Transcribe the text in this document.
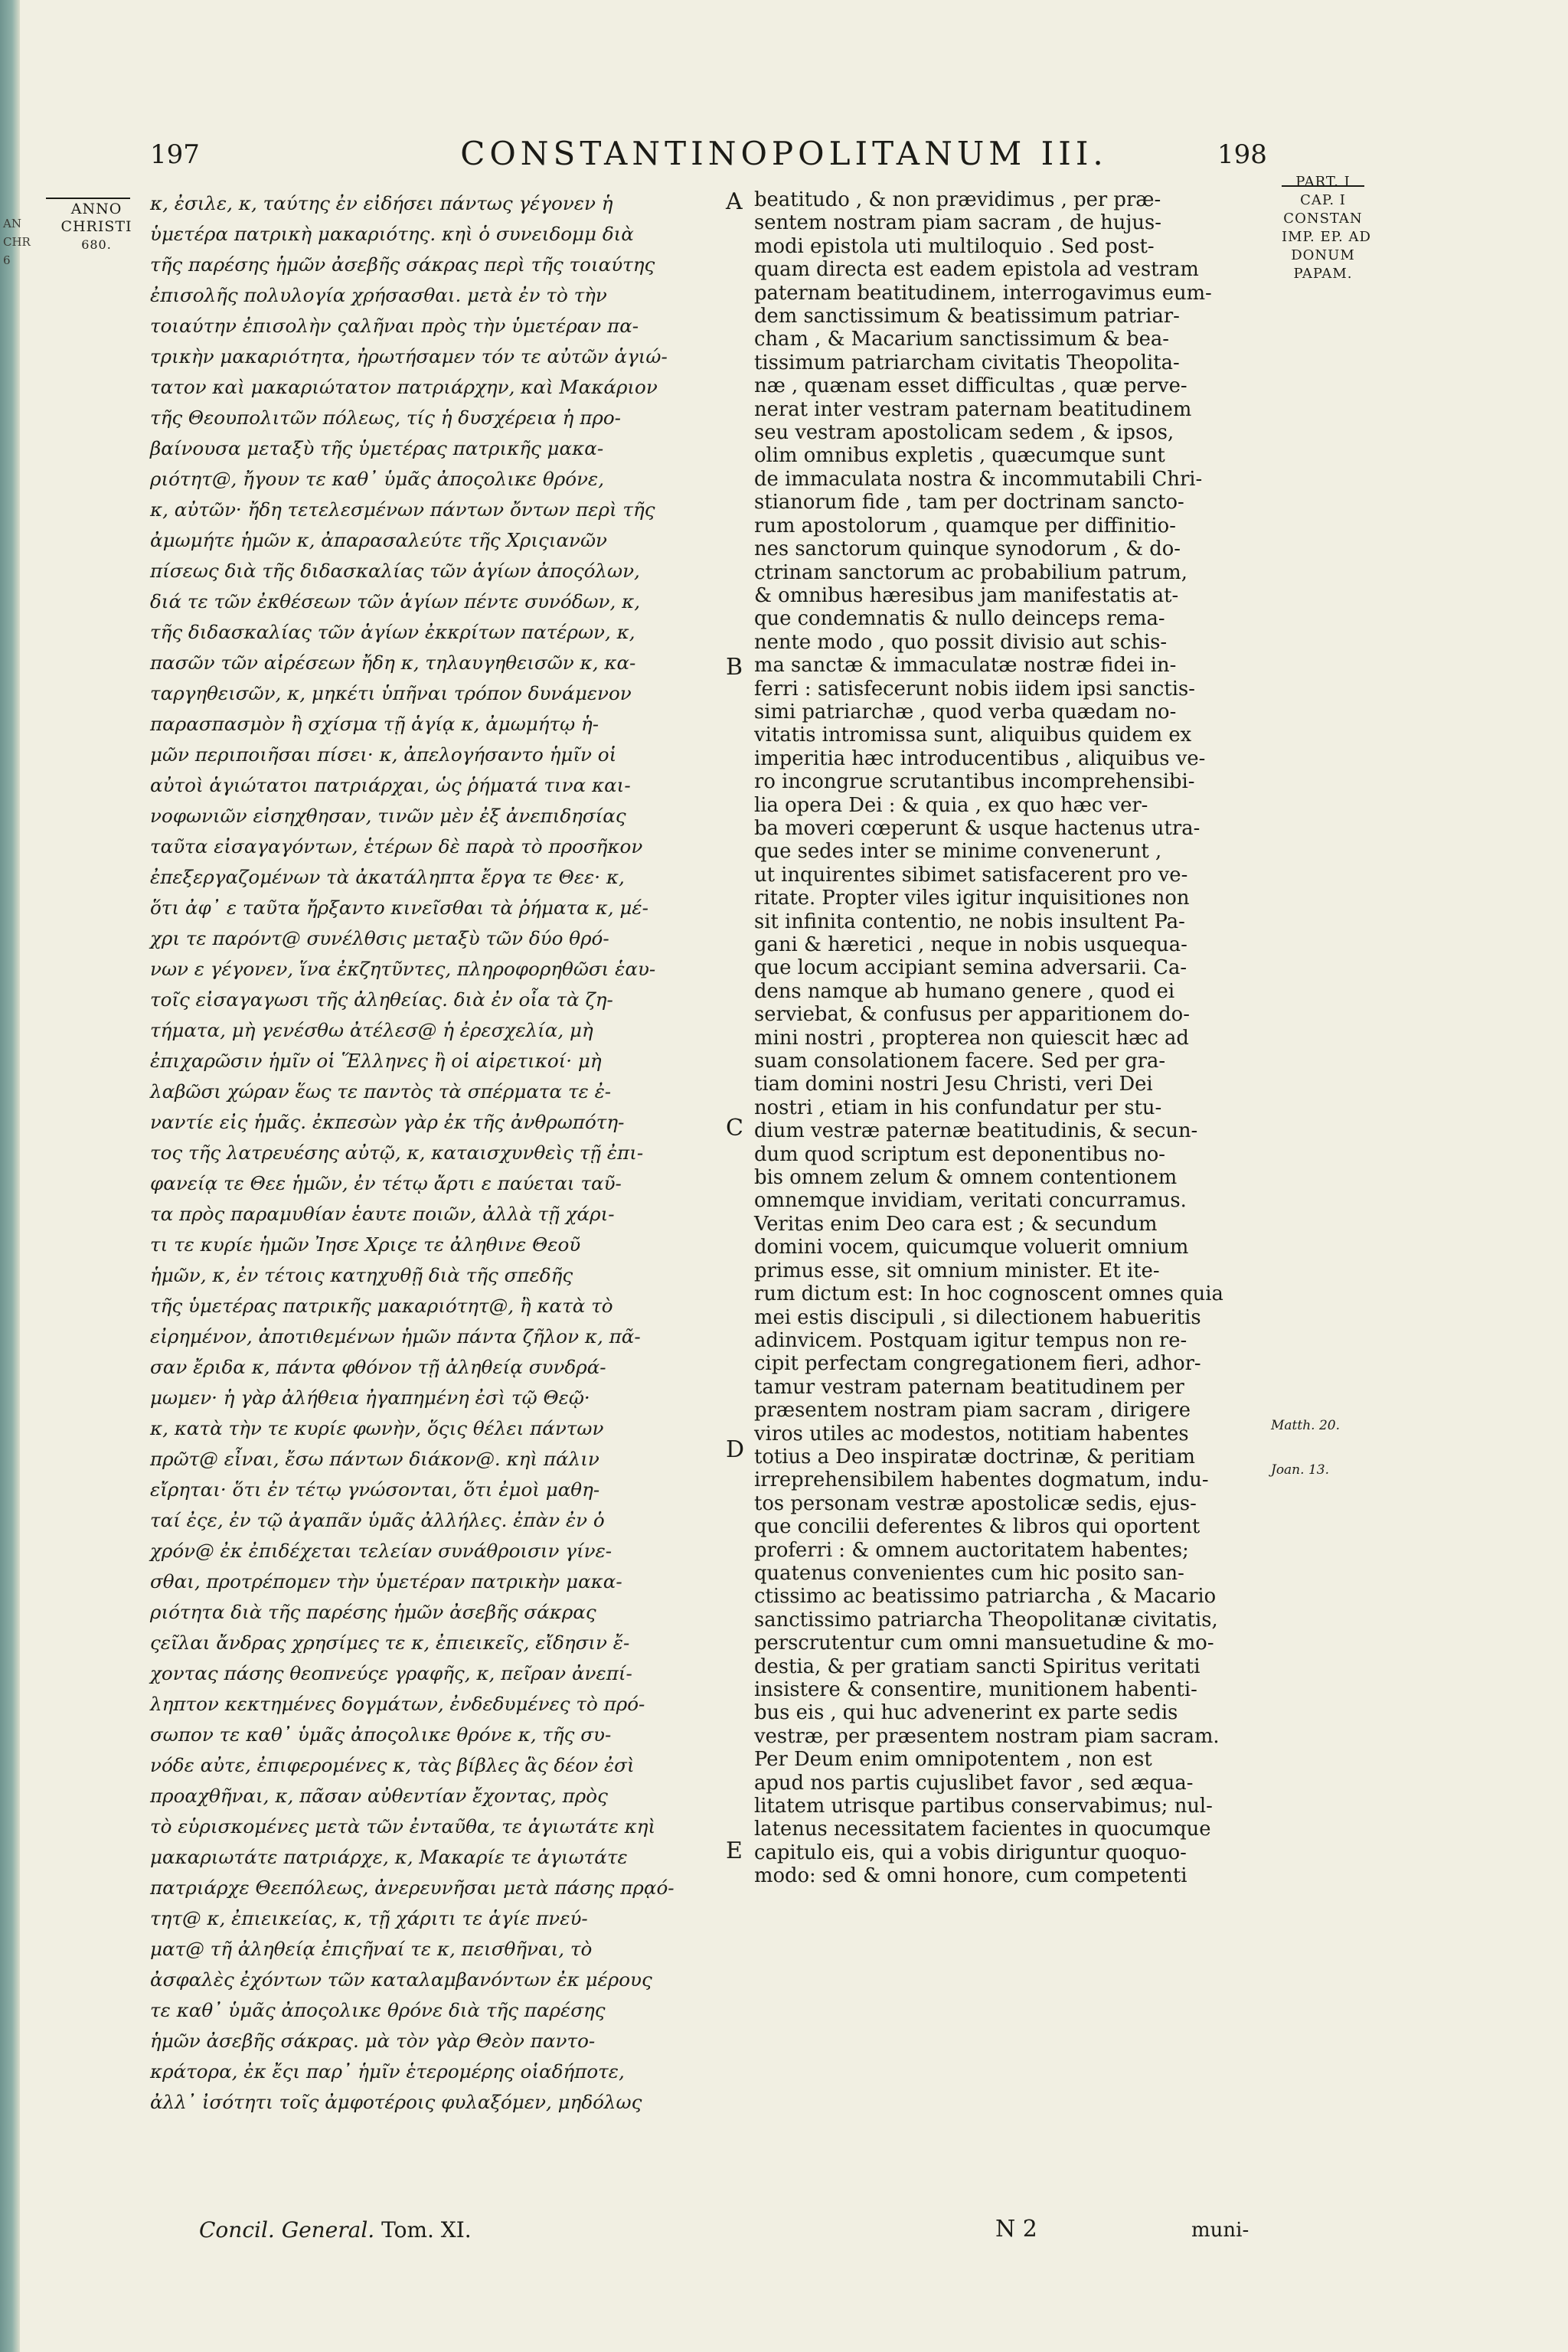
AN
CHR
6
197	CONSTANTINOPOLITANUM III.	198
ANNO
CHRISTI
680.
PART. I
CAP. I
CONSTAN
IMP. EP. AD
DONUM
PAPAM.
κ, ἐσιλε, κ, ταύτης ἐν εἰδήσει πάντως γέγονεν ἡ
ὑμετέρα πατρικὴ μακαριότης. κηὶ ὁ συνειδομμ διὰ
τῆς παρέσης ἡμῶν ἀσεβῆς σάκρας περὶ τῆς τοιαύτης
ἐπισολῆς πολυλογία χρήσασθαι. μετὰ ἐν τὸ τὴν
τοιαύτην ἐπισολὴν ςαλῆναι πρὸς τὴν ὑμετέραν πα-
τρικὴν μακαριότητα, ἠρωτήσαμεν τόν τε αὐτῶν ἁγιώ-
τατον καὶ μακαριώτατον πατριάρχην, καὶ Μακάριον
τῆς Θεουπολιτῶν πόλεως, τίς ἡ δυσχέρεια ἡ προ-
βαίνουσα μεταξὺ τῆς ὑμετέρας πατρικῆς μακα-
ριότητ@, ἤγουν τε καθ᾽ ὑμᾶς ἀποςολικε θρόνε,
κ, αὐτῶν· ἤδη τετελεσμένων πάντων ὄντων περὶ τῆς
ἀμωμήτε ἡμῶν κ, ἀπαρασαλεύτε τῆς Χριςιανῶν
πίσεως διὰ τῆς διδασκαλίας τῶν ἁγίων ἀποςόλων,
διά τε τῶν ἐκθέσεων τῶν ἁγίων πέντε συνόδων, κ,
τῆς διδασκαλίας τῶν ἁγίων ἐκκρίτων πατέρων, κ,
πασῶν τῶν αἱρέσεων ἤδη κ, τηλαυγηθεισῶν κ, κα-
ταργηθεισῶν, κ, μηκέτι ὑπῆναι τρόπον δυνάμενον
παρασπασμὸν ἢ σχίσμα τῇ ἁγίᾳ κ, ἀμωμήτῳ ἡ-
μῶν περιποιῆσαι πίσει· κ, ἀπελογήσαντο ἡμῖν οἱ
αὐτοὶ ἁγιώτατοι πατριάρχαι, ὡς ῥήματά τινα και-
νοφωνιῶν εἰσηχθησαν, τινῶν μὲν ἐξ ἀνεπιδησίας
ταῦτα εἰσαγαγόντων, ἑτέρων δὲ παρὰ τὸ προσῆκον
ἐπεξεργαζομένων τὰ ἀκατάληπτα ἔργα τε Θεε· κ,
ὅτι ἀφ᾽ ε ταῦτα ἤρξαντο κινεῖσθαι τὰ ῥήματα κ, μέ-
χρι τε παρόντ@ συνέλθσις μεταξὺ τῶν δύο θρό-
νων ε γέγονεν, ἵνα ἐκζητῦντες, πληροφορηθῶσι ἑαυ-
τοῖς εἰσαγαγωσι τῆς ἀληθείας. διὰ ἐν οἷα τὰ ζη-
τήματα, μὴ γενέσθω ἀτέλεσ@ ἡ ἐρεσχελία, μὴ
ἐπιχαρῶσιν ἡμῖν οἱ Ἕλληνες ἢ οἱ αἱρετικοί· μὴ
λαβῶσι χώραν ἕως τε παντὸς τὰ σπέρματα τε ἐ-
ναντίε εἰς ἡμᾶς. ἐκπεσὼν γὰρ ἐκ τῆς ἀνθρωπότη-
τος τῆς λατρευέσης αὐτῷ, κ, καταισχυνθεὶς τῇ ἐπι-
φανείᾳ τε Θεε ἡμῶν, ἐν τέτῳ ἄρτι ε παύεται ταῦ-
τα πρὸς παραμυθίαν ἑαυτε ποιῶν, ἀλλὰ τῇ χάρι-
τι τε κυρίε ἡμῶν Ἰησε Χριςε τε ἀληθινε Θεοῦ
ἡμῶν, κ, ἐν τέτοις κατηχυθῇ διὰ τῆς σπεδῆς
τῆς ὑμετέρας πατρικῆς μακαριότητ@, ἢ κατὰ τὸ
εἰρημένον, ἀποτιθεμένων ἡμῶν πάντα ζῆλον κ, πᾶ-
σαν ἔριδα κ, πάντα φθόνον τῇ ἀληθείᾳ συνδρά-
μωμεν· ἡ γὰρ ἀλήθεια ἠγαπημένη ἐσὶ τῷ Θεῷ·
κ, κατὰ τὴν τε κυρίε φωνὴν, ὅςις θέλει πάντων
πρῶτ@ εἶναι, ἔσω πάντων διάκον@. κηὶ πάλιν
εἴρηται· ὅτι ἐν τέτῳ γνώσονται, ὅτι ἐμοὶ μαθη-
ταί ἐςε, ἐν τῷ ἀγαπᾶν ὑμᾶς ἀλλήλες. ἐπὰν ἐν ὁ
χρόν@ ἐκ ἐπιδέχεται τελείαν συνάθροισιν γίνε-
σθαι, προτρέπομεν τὴν ὑμετέραν πατρικὴν μακα-
ριότητα διὰ τῆς παρέσης ἡμῶν ἀσεβῆς σάκρας
ςεῖλαι ἄνδρας χρησίμες τε κ, ἐπιεικεῖς, εἴδησιν ἔ-
χοντας πάσης θεοπνεύςε γραφῆς, κ, πεῖραν ἀνεπί-
ληπτον κεκτημένες δογμάτων, ἐνδεδυμένες τὸ πρό-
σωπον τε καθ᾽ ὑμᾶς ἀποςολικε θρόνε κ, τῆς συ-
νόδε αὐτε, ἐπιφερομένες κ, τὰς βίβλες ἃς δέον ἐσὶ
προαχθῆναι, κ, πᾶσαν αὐθεντίαν ἔχοντας, πρὸς
τὸ εὑρισκομένες μετὰ τῶν ἐνταῦθα, τε ἁγιωτάτε κηὶ
μακαριωτάτε πατριάρχε, κ, Μακαρίε τε ἁγιωτάτε
πατριάρχε Θεεπόλεως, ἀνερευνῆσαι μετὰ πάσης πρᾳό-
τητ@ κ, ἐπιεικείας, κ, τῇ χάριτι τε ἁγίε πνεύ-
ματ@ τῆ ἀληθείᾳ ἐπιςῆναί τε κ, πεισθῆναι, τὸ
ἀσφαλὲς ἐχόντων τῶν καταλαμβανόντων ἐκ μέρους
τε καθ᾽ ὑμᾶς ἀποςολικε θρόνε διὰ τῆς παρέσης
ἡμῶν ἀσεβῆς σάκρας. μὰ τὸν γὰρ Θεὸν παντο-
κράτορα, ἐκ ἔςι παρ᾽ ἡμῖν ἑτερομέρης οἱαδήποτε,
ἀλλ᾽ ἰσότητι τοῖς ἀμφοτέροις φυλαξόμεν, μηδόλως
A
B
C
D
E
beatitudo , & non prævidimus , per præ-
sentem nostram piam sacram , de hujus-
modi epistola uti multiloquio . Sed post-
quam directa est eadem epistola ad vestram
paternam beatitudinem, interrogavimus eum-
dem sanctissimum & beatissimum patriar-
cham , & Macarium sanctissimum & bea-
tissimum patriarcham civitatis Theopolita-
næ , quænam esset difficultas , quæ perve-
nerat inter vestram paternam beatitudinem
seu vestram apostolicam sedem , & ipsos,
olim omnibus expletis , quæcumque sunt
de immaculata nostra & incommutabili Chri-
stianorum fide , tam per doctrinam sancto-
rum apostolorum , quamque per diffinitio-
nes sanctorum quinque synodorum , & do-
ctrinam sanctorum ac probabilium patrum,
& omnibus hæresibus jam manifestatis at-
que condemnatis & nullo deinceps rema-
nente modo , quo possit divisio aut schis-
ma sanctæ & immaculatæ nostræ fidei in-
ferri : satisfecerunt nobis iidem ipsi sanctis-
simi patriarchæ , quod verba quædam no-
vitatis intromissa sunt, aliquibus quidem ex
imperitia hæc introducentibus , aliquibus ve-
ro incongrue scrutantibus incomprehensibi-
lia opera Dei : & quia , ex quo hæc ver-
ba moveri cœperunt & usque hactenus utra-
que sedes inter se minime convenerunt ,
ut inquirentes sibimet satisfacerent pro ve-
ritate. Propter viles igitur inquisitiones non
sit infinita contentio, ne nobis insultent Pa-
gani & hæretici , neque in nobis usquequa-
que locum accipiant semina adversarii. Ca-
dens namque ab humano genere , quod ei
serviebat, & confusus per apparitionem do-
mini nostri , propterea non quiescit hæc ad
suam consolationem facere. Sed per gra-
tiam domini nostri Jesu Christi, veri Dei
nostri , etiam in his confundatur per stu-
dium vestræ paternæ beatitudinis, & secun-
dum quod scriptum est deponentibus no-
bis omnem zelum & omnem contentionem
omnemque invidiam, veritati concurramus.
Veritas enim Deo cara est ; & secundum
domini vocem, quicumque voluerit omnium
primus esse, sit omnium minister. Et ite-
rum dictum est: In hoc cognoscent omnes quia
mei estis discipuli , si dilectionem habueritis
adinvicem. Postquam igitur tempus non re-
cipit perfectam congregationem fieri, adhor-
tamur vestram paternam beatitudinem per
præsentem nostram piam sacram , dirigere
viros utiles ac modestos, notitiam habentes
totius a Deo inspiratæ doctrinæ, & peritiam
irreprehensibilem habentes dogmatum, indu-
tos personam vestræ apostolicæ sedis, ejus-
que concilii deferentes & libros qui oportent
proferri : & omnem auctoritatem habentes;
quatenus convenientes cum hic posito san-
ctissimo ac beatissimo patriarcha , & Macario
sanctissimo patriarcha Theopolitanæ civitatis,
perscrutentur cum omni mansuetudine & mo-
destia, & per gratiam sancti Spiritus veritati
insistere & consentire, munitionem habenti-
bus eis , qui huc advenerint ex parte sedis
vestræ, per præsentem nostram piam sacram.
Per Deum enim omnipotentem , non est
apud nos partis cujuslibet favor , sed æqua-
litatem utrisque partibus conservabimus; nul-
latenus necessitatem facientes in quocumque
capitulo eis, qui a vobis diriguntur quoquo-
modo: sed & omni honore, cum competenti
Matth. 20.
Joan. 13.
Concil. General. Tom. XI.	N 2	muni-
